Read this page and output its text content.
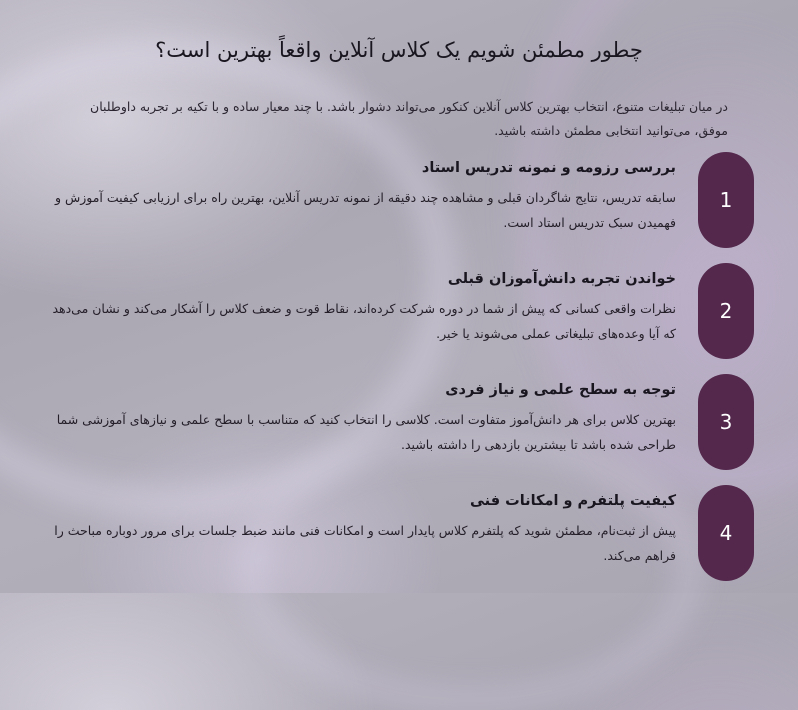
چطور مطمئن شویم یک کلاس آنلاین واقعاً بهترین است؟

در میان تبلیغات متنوع، انتخاب بهترین کلاس آنلاین کنکور می‌تواند دشوار باشد. با چند معیار ساده و با تکیه بر تجربه داوطلبان موفق، می‌توانید انتخابی مطمئن داشته باشید.

1
بررسی رزومه و نمونه تدریس استاد

سابقه تدریس، نتایج شاگردان قبلی و مشاهده چند دقیقه از نمونه تدریس آنلاین، بهترین راه برای ارزیابی کیفیت آموزش و فهمیدن سبک تدریس استاد است.

2
خواندن تجربه دانش‌آموزان قبلی

نظرات واقعی کسانی که پیش از شما در دوره شرکت کرده‌اند، نقاط قوت و ضعف کلاس را آشکار می‌کند و نشان می‌دهد که آیا وعده‌های تبلیغاتی عملی می‌شوند یا خیر.

3
توجه به سطح علمی و نیاز فردی

بهترین کلاس برای هر دانش‌آموز متفاوت است. کلاسی را انتخاب کنید که متناسب با سطح علمی و نیازهای آموزشی شما طراحی شده باشد تا بیشترین بازدهی را داشته باشید.

4
کیفیت پلتفرم و امکانات فنی

پیش از ثبت‌نام، مطمئن شوید که پلتفرم کلاس پایدار است و امکانات فنی مانند ضبط جلسات برای مرور دوباره مباحث را فراهم می‌کند.
